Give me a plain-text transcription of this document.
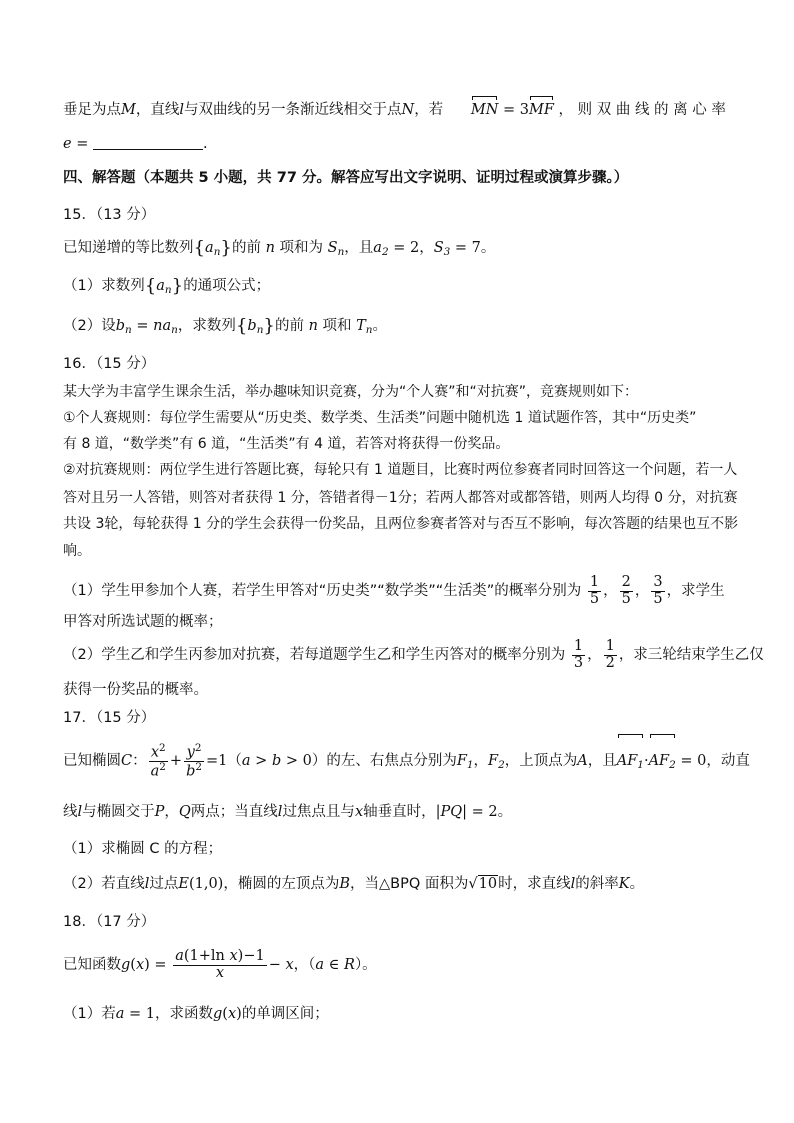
垂足为点M，直线l与双曲线的另一条渐近线相交于点N，若 MN = 3MF ， 则 双 曲 线 的 离 心 率
e =	.
四、解答题（本题共 5 小题，共 77 分。解答应写出文字说明、证明过程或演算步骤。）
15．（13 分）
已知递增的等比数列$\{a_n\}$的前 n 项和为 $S_n$，且$a_2 = 2$，$S_3 = 7$。
（1）求数列$\{a_n\}$的通项公式；
（2）设$b_n = na_n$，求数列$\{b_n\}$的前 n 项和 $T_n$。
16．（15 分）
某大学为丰富学生课余生活，举办趣味知识竞赛，分为“个人赛”和“对抗赛”，竞赛规则如下：
①个人赛规则：每位学生需要从“历史类、数学类、生活类”问题中随机选 1 道试题作答，其中“历史类”
有 8 道，“数学类”有 6 道，“生活类”有 4 道，若答对将获得一份奖品。
②对抗赛规则：两位学生进行答题比赛，每轮只有 1 道题目，比赛时两位参赛者同时回答这一个问题，若一人
答对且另一人答错，则答对者获得 1 分，答错者得－1分；若两人都答对或都答错，则两人均得 0 分，对抗赛
共设 3轮，每轮获得 1 分的学生会获得一份奖品，且两位参赛者答对与否互不影响，每次答题的结果也互不影
响。
（1）学生甲参加个人赛，若学生甲答对“历史类”“数学类”“生活类”的概率分别为 $\frac{1}{5}$ ， $\frac{2}{5}$ ， $\frac{3}{5}$ ，求学生
甲答对所选试题的概率；
（2）学生乙和学生丙参加对抗赛，若每道题学生乙和学生丙答对的概率分别为 $\frac{1}{3}$ ， $\frac{1}{2}$ ，求三轮结束学生乙仅
获得一份奖品的概率。
17．（15 分）
已知椭圆C： $\frac{x^2}{a^2} + \frac{y^2}{b^2} =1(a > b > 0)$的左、右焦点分别为$F_1$，$F_2$，上顶点为A，且$AF_1\cdot AF_2 = 0$，动直
线l与椭圆交于P，Q两点；当直线l过焦点且与x轴垂直时，|PQ| = 2。
（1）求椭圆 C 的方程；
（2）若直线l过点E(1,0)，椭圆的左顶点为B，当△BPQ 面积为√10时，求直线l的斜率K。
18．（17 分）
已知函数$g(x) = \frac{\text{a(1+ln x)−1}}{x} - x$，（a ∈ R）。
（1）若a = 1，求函数g(x)的单调区间；
